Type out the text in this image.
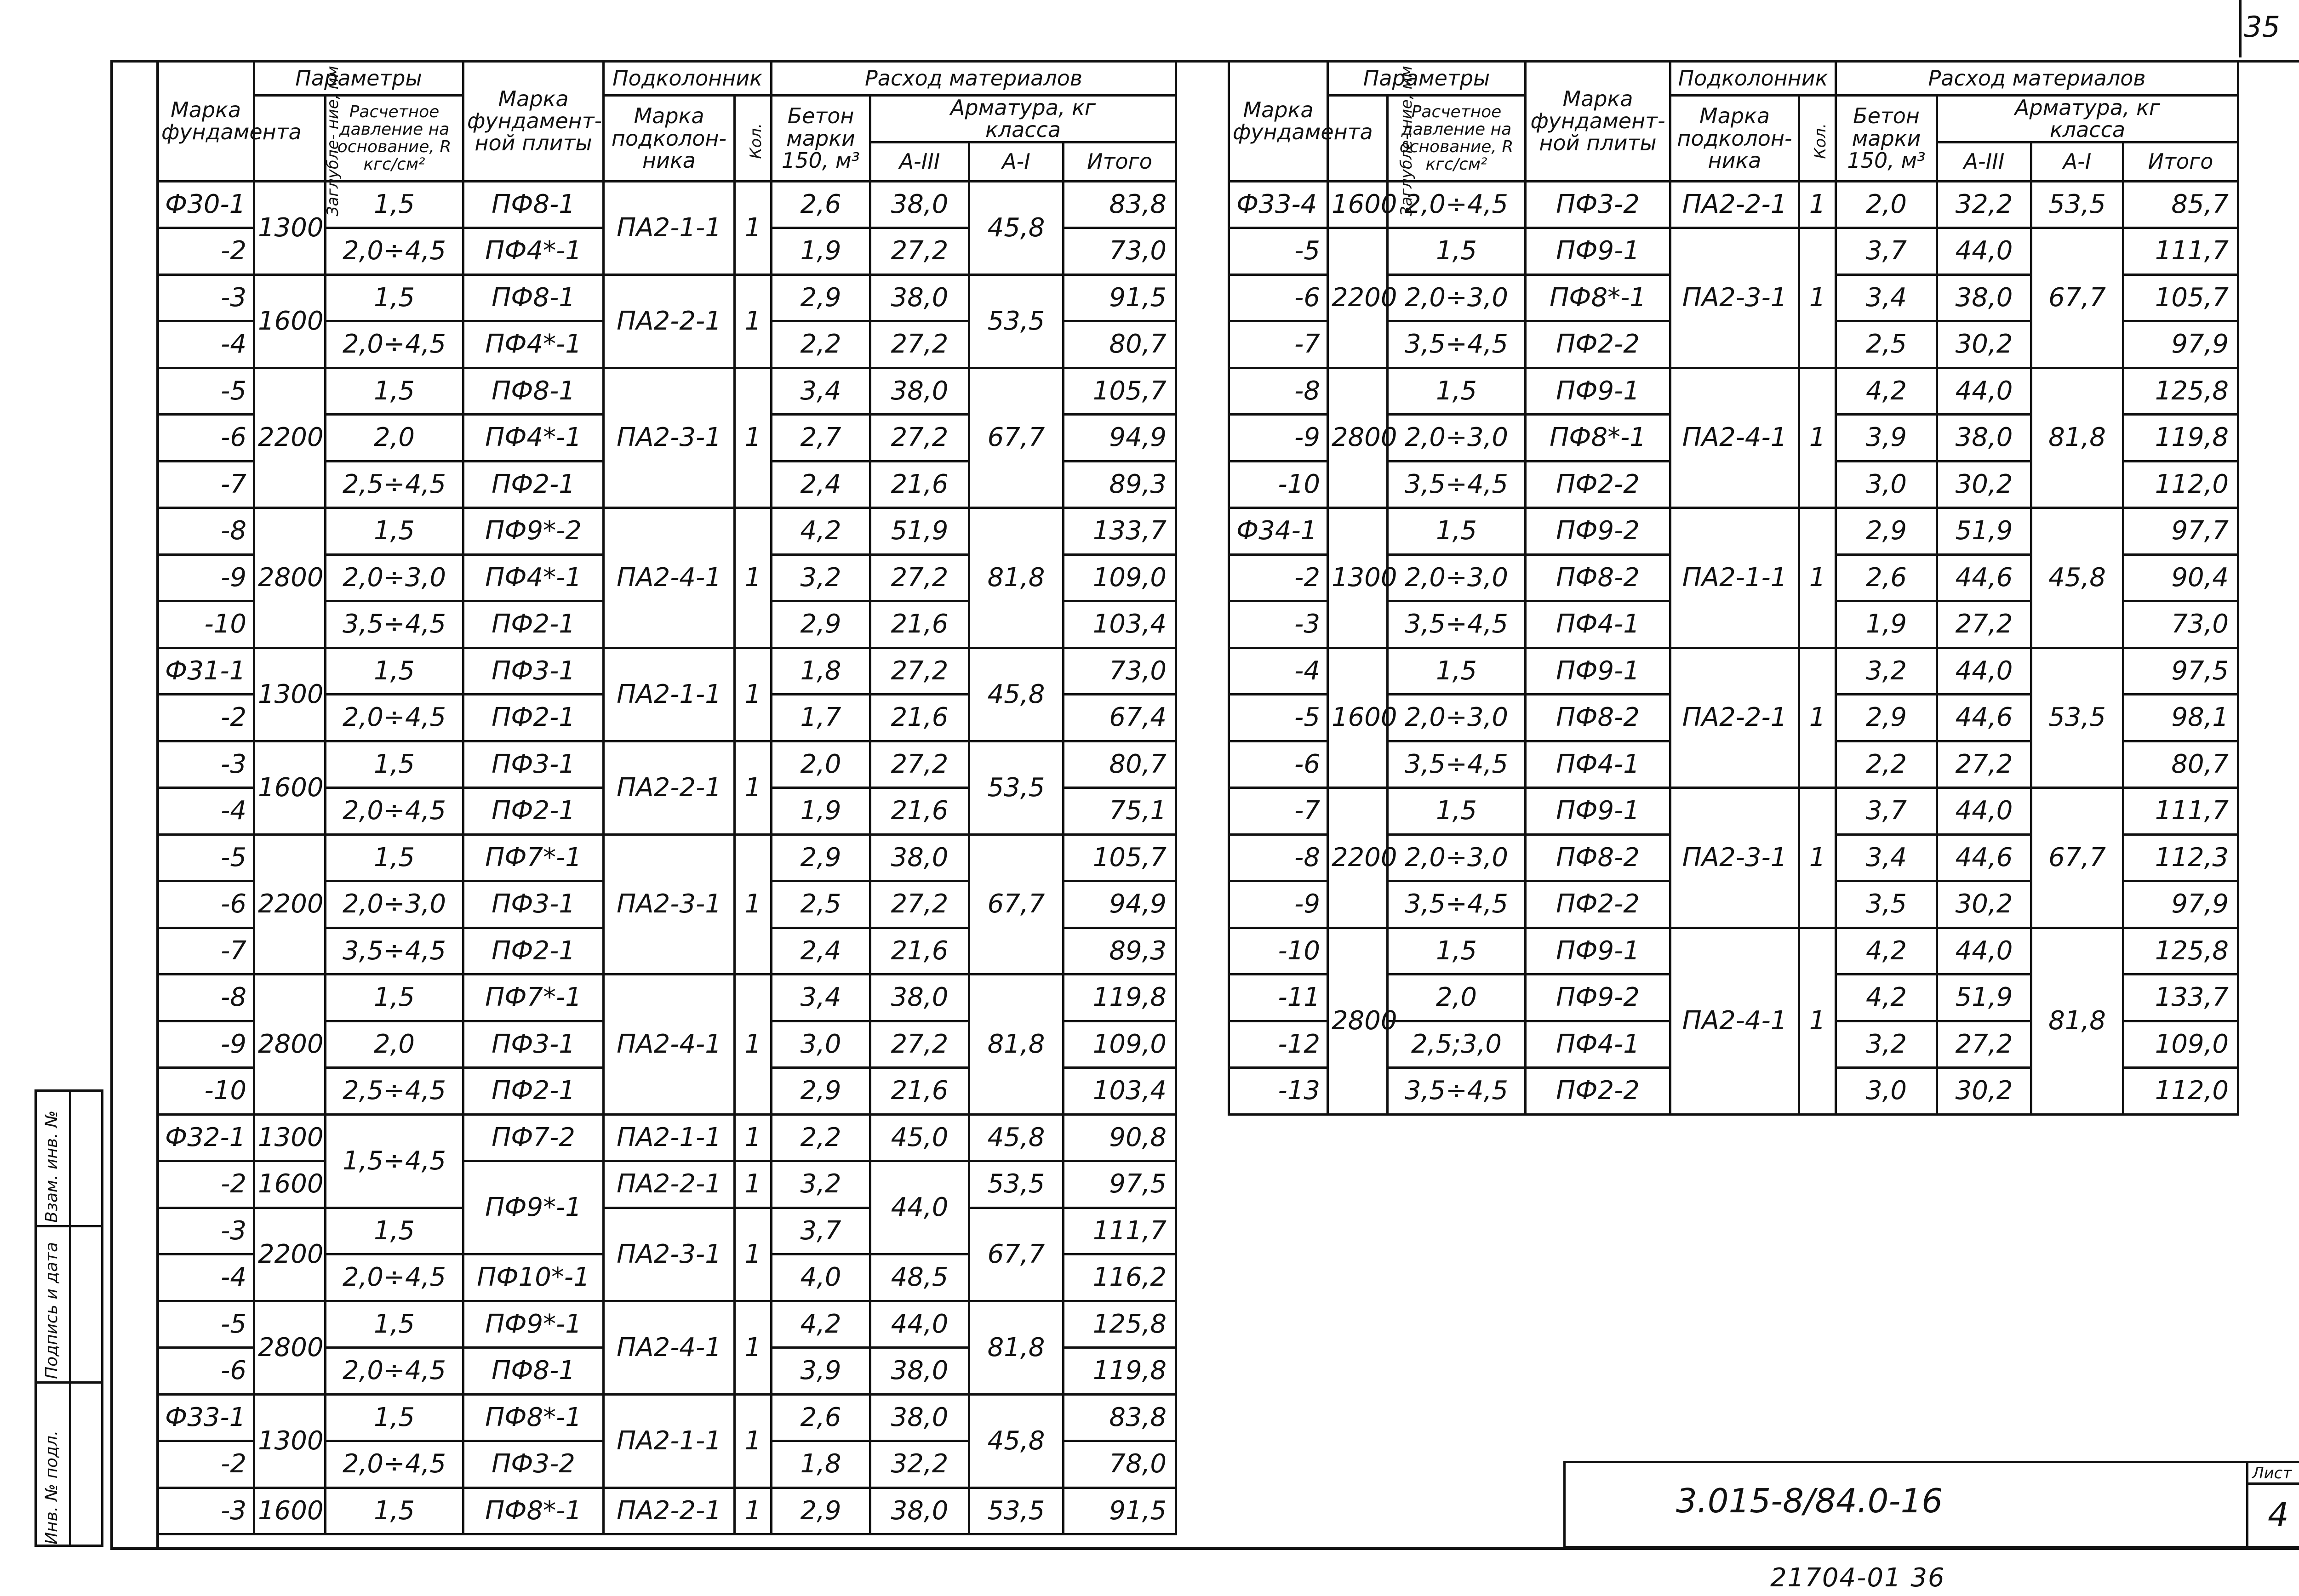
35
Марка фундамента	Параметры		Марка фундамент- ной плиты	Подколонник		Расход материалов			
	Заглубле- ние, мм	Расчетное давление на основание, R кгс/см²		Марка подколон- ника	Кол.	Бетон марки 150, м³	Арматура, кг
класса		
							A-III	A-I	Итого
Ф30-1	1300	1,5	ПФ8-1	ПА2-1-1	1	2,6	38,0	45,8	83,8
-2		2,0÷4,5	ПФ4*-1			1,9	27,2		73,0
-3	1600	1,5	ПФ8-1	ПА2-2-1	1	2,9	38,0	53,5	91,5
-4		2,0÷4,5	ПФ4*-1			2,2	27,2		80,7
-5	2200	1,5	ПФ8-1	ПА2-3-1	1	3,4	38,0	67,7	105,7
-6		2,0	ПФ4*-1			2,7	27,2		94,9
-7		2,5÷4,5	ПФ2-1			2,4	21,6		89,3
-8	2800	1,5	ПФ9*-2	ПА2-4-1	1	4,2	51,9	81,8	133,7
-9		2,0÷3,0	ПФ4*-1			3,2	27,2		109,0
-10		3,5÷4,5	ПФ2-1			2,9	21,6		103,4
Ф31-1	1300	1,5	ПФ3-1	ПА2-1-1	1	1,8	27,2	45,8	73,0
-2		2,0÷4,5	ПФ2-1			1,7	21,6		67,4
-3	1600	1,5	ПФ3-1	ПА2-2-1	1	2,0	27,2	53,5	80,7
-4		2,0÷4,5	ПФ2-1			1,9	21,6		75,1
-5	2200	1,5	ПФ7*-1	ПА2-3-1	1	2,9	38,0	67,7	105,7
-6		2,0÷3,0	ПФ3-1			2,5	27,2		94,9
-7		3,5÷4,5	ПФ2-1			2,4	21,6		89,3
-8	2800	1,5	ПФ7*-1	ПА2-4-1	1	3,4	38,0	81,8	119,8
-9		2,0	ПФ3-1			3,0	27,2		109,0
-10		2,5÷4,5	ПФ2-1			2,9	21,6		103,4
Ф32-1	1300	1,5÷4,5	ПФ7-2	ПА2-1-1	1	2,2	45,0	45,8	90,8
-2	1600		ПФ9*-1	ПА2-2-1	1	3,2	44,0	53,5	97,5
-3	2200	1,5		ПА2-3-1	1	3,7		67,7	111,7
-4		2,0÷4,5	ПФ10*-1			4,0	48,5		116,2
-5	2800	1,5	ПФ9*-1	ПА2-4-1	1	4,2	44,0	81,8	125,8
-6		2,0÷4,5	ПФ8-1			3,9	38,0		119,8
Ф33-1	1300	1,5	ПФ8*-1	ПА2-1-1	1	2,6	38,0	45,8	83,8
-2		2,0÷4,5	ПФ3-2			1,8	32,2		78,0
-3	1600	1,5	ПФ8*-1	ПА2-2-1	1	2,9	38,0	53,5	91,5
Марка фундамента	Параметры		Марка фундамент- ной плиты	Подколонник		Расход материалов			
	Заглубле- ние, мм	Расчетное давление на основание, R кгс/см²		Марка подколон- ника	Кол.	Бетон марки 150, м³	Арматура, кг
класса		
							A-III	A-I	Итого
Ф33-4	1600	2,0÷4,5	ПФ3-2	ПА2-2-1	1	2,0	32,2	53,5	85,7
-5	2200	1,5	ПФ9-1	ПА2-3-1	1	3,7	44,0	67,7	111,7
-6		2,0÷3,0	ПФ8*-1			3,4	38,0		105,7
-7		3,5÷4,5	ПФ2-2			2,5	30,2		97,9
-8	2800	1,5	ПФ9-1	ПА2-4-1	1	4,2	44,0	81,8	125,8
-9		2,0÷3,0	ПФ8*-1			3,9	38,0		119,8
-10		3,5÷4,5	ПФ2-2			3,0	30,2		112,0
Ф34-1	1300	1,5	ПФ9-2	ПА2-1-1	1	2,9	51,9	45,8	97,7
-2		2,0÷3,0	ПФ8-2			2,6	44,6		90,4
-3		3,5÷4,5	ПФ4-1			1,9	27,2		73,0
-4	1600	1,5	ПФ9-1	ПА2-2-1	1	3,2	44,0	53,5	97,5
-5		2,0÷3,0	ПФ8-2			2,9	44,6		98,1
-6		3,5÷4,5	ПФ4-1			2,2	27,2		80,7
-7	2200	1,5	ПФ9-1	ПА2-3-1	1	3,7	44,0	67,7	111,7
-8		2,0÷3,0	ПФ8-2			3,4	44,6		112,3
-9		3,5÷4,5	ПФ2-2			3,5	30,2		97,9
-10	2800	1,5	ПФ9-1	ПА2-4-1	1	4,2	44,0	81,8	125,8
-11		2,0	ПФ9-2			4,2	51,9		133,7
-12		2,5;3,0	ПФ4-1			3,2	27,2		109,0
-13		3,5÷4,5	ПФ2-2			3,0	30,2		112,0
3.015-8/84.0-16
Лист
4
21704-01 36
Инв. № подл.
Подпись и дата
Взам. инв. №
